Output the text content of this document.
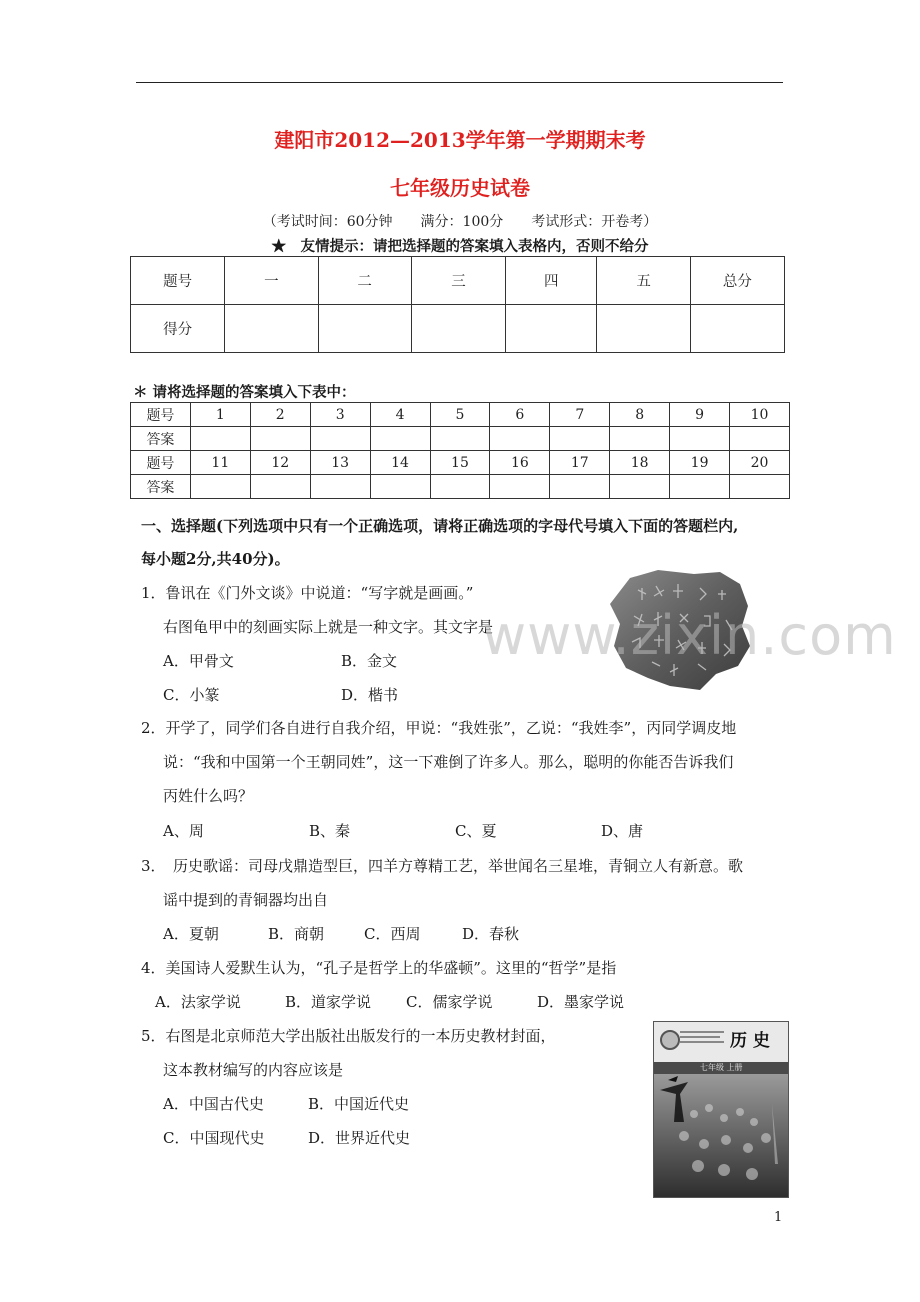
建阳市2012—2013学年第一学期期末考
七年级历史试卷
（考试时间：60分钟　　满分：100分　　考试形式：开卷考）
★　友情提示：请把选择题的答案填入表格内，否则不给分
题号	一	二	三	四	五	总分
得分						
＊ 请将选择题的答案填入下表中：
题号	1	2	3	4	5	6	7	8	9	10
答案										
题号	11	12	13	14	15	16	17	18	19	20
答案										
一、选择题(下列选项中只有一个正确选项，请将正确选项的字母代号填入下面的答题栏内,
每小题2分,共40分)。
1．鲁讯在《门外文谈》中说道：“写字就是画画。”
右图龟甲中的刻画实际上就是一种文字。其文字是
A．甲骨文	B．金文
C．小篆	D．楷书
www.zixin.com
2．开学了，同学们各自进行自我介绍，甲说：“我姓张”，乙说：“我姓李”，丙同学调皮地
说：“我和中国第一个王朝同姓”，这一下难倒了许多人。那么，聪明的你能否告诉我们
丙姓什么吗？
A、周	B、秦	C、夏	D、唐
3．　历史歌谣：司母戊鼎造型巨，四羊方尊精工艺，举世闻名三星堆，青铜立人有新意。歌
谣中提到的青铜器均出自
A．夏朝	B．商朝	C．西周	D．春秋
4．美国诗人爱默生认为，“孔子是哲学上的华盛顿”。这里的“哲学”是指
A．法家学说	B．道家学说 C．儒家学说	D．墨家学说
5．右图是北京师范大学出版社出版发行的一本历史教材封面，
这本教材编写的内容应该是
A．中国古代史	B．中国近代史
C．中国现代史	D．世界近代史
历 史
七年级 上册
1
